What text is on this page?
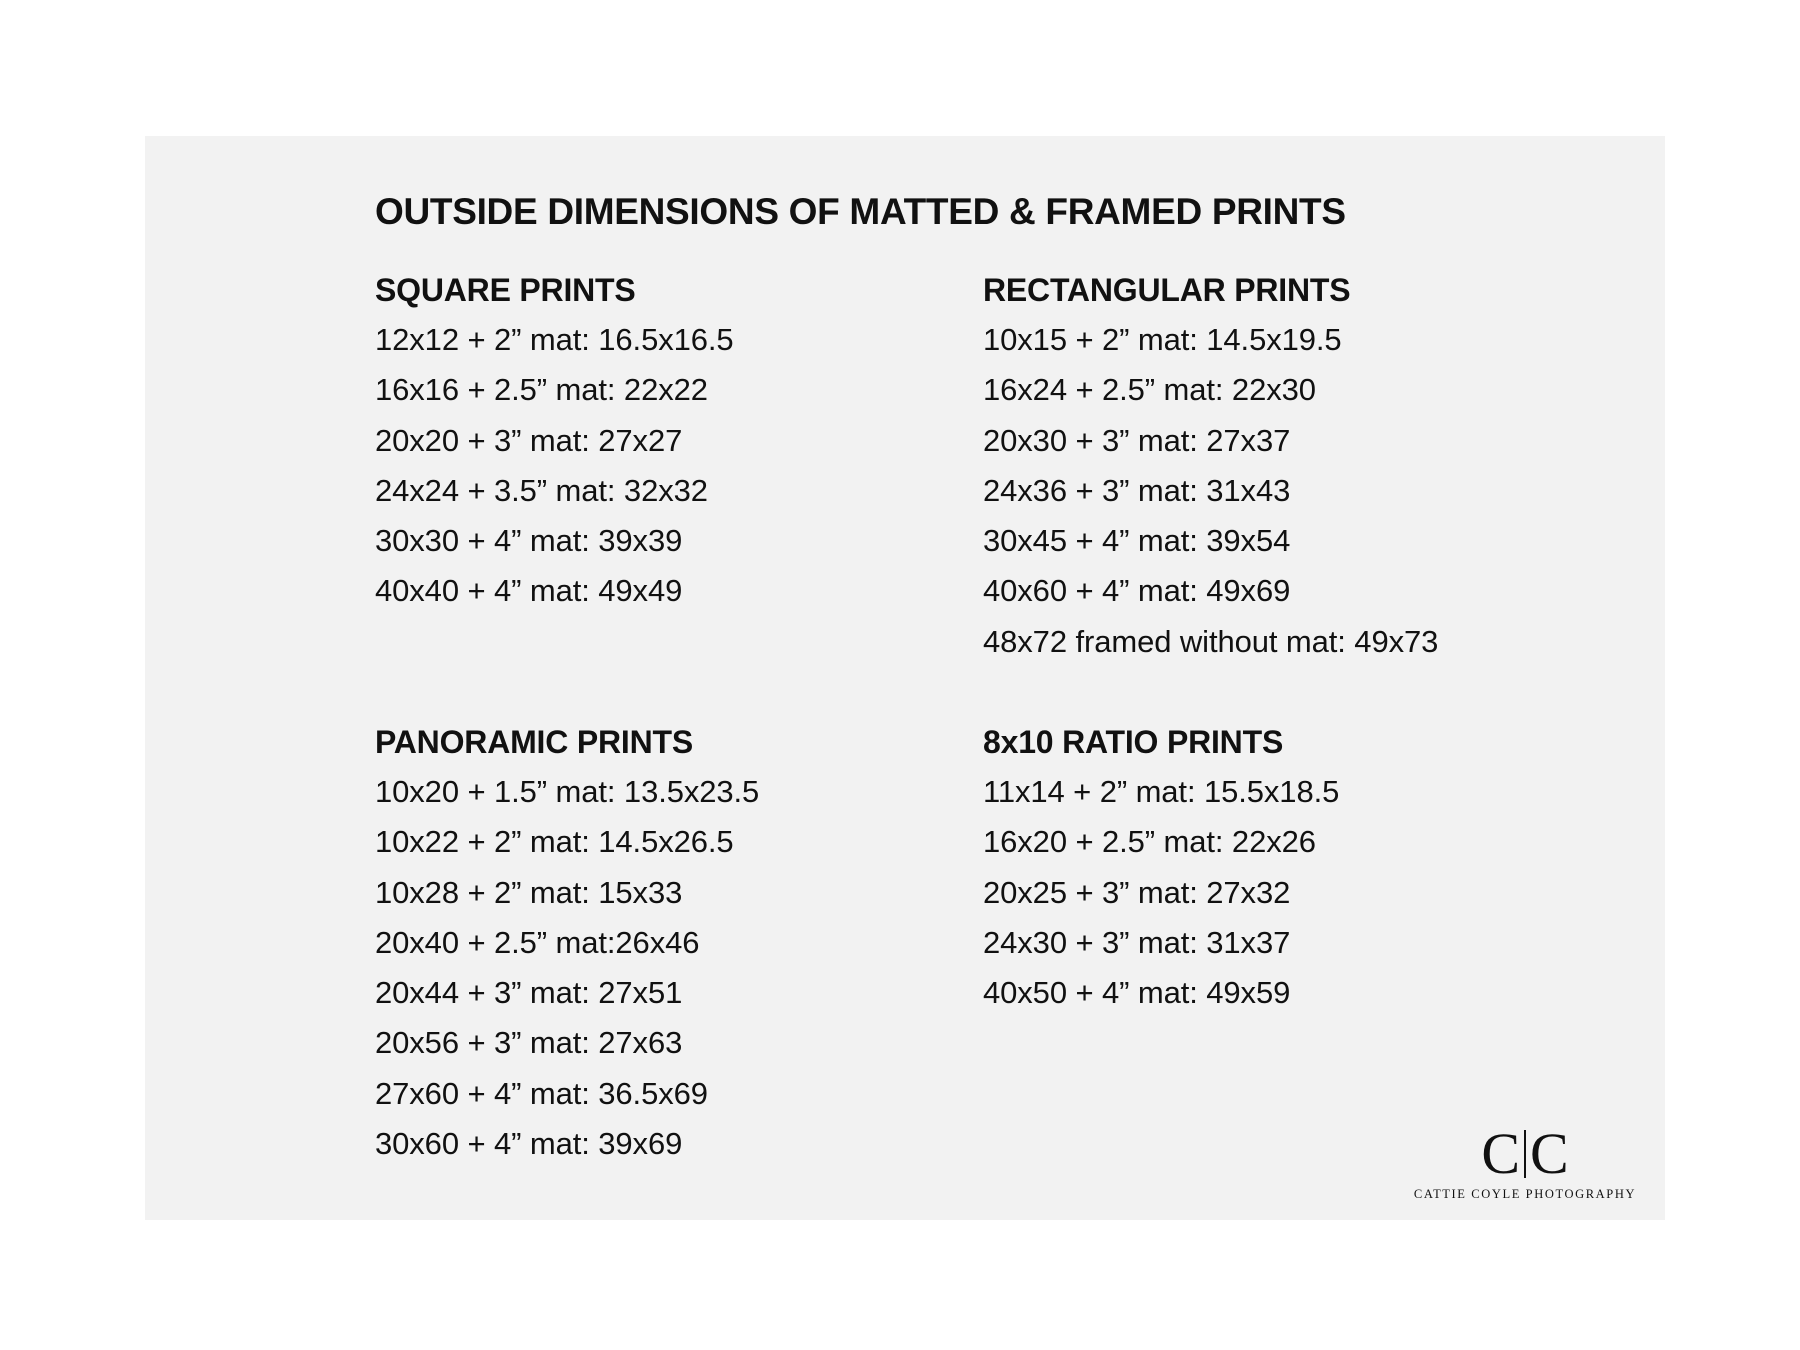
OUTSIDE DIMENSIONS OF MATTED & FRAMED PRINTS
SQUARE PRINTS
12x12 + 2” mat: 16.5x16.5
16x16 + 2.5” mat: 22x22
20x20 + 3” mat: 27x27
24x24 + 3.5” mat: 32x32
30x30 + 4” mat: 39x39
40x40 + 4” mat: 49x49
RECTANGULAR PRINTS
10x15 + 2” mat: 14.5x19.5
16x24 + 2.5” mat: 22x30
20x30 + 3” mat: 27x37
24x36 + 3” mat: 31x43
30x45 + 4” mat: 39x54
40x60 + 4” mat: 49x69
48x72 framed without mat: 49x73
PANORAMIC PRINTS
10x20 + 1.5” mat: 13.5x23.5
10x22 + 2” mat: 14.5x26.5
10x28 + 2” mat: 15x33
20x40 + 2.5” mat:26x46
20x44 + 3” mat: 27x51
20x56 + 3” mat: 27x63
27x60 + 4” mat: 36.5x69
30x60 + 4” mat: 39x69
8x10 RATIO PRINTS
11x14 + 2” mat: 15.5x18.5
16x20 + 2.5” mat: 22x26
20x25 + 3” mat: 27x32
24x30 + 3” mat: 31x37
40x50 + 4” mat: 49x59
C C
CATTIE COYLE PHOTOGRAPHY
